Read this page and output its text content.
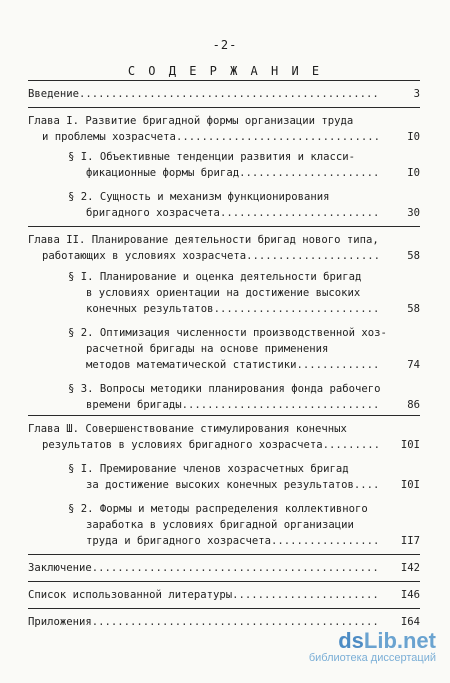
-2-
С О Д Е Р Ж А Н И Е
Введение...............................................	3
Глава I. Развитие бригадной формы организации труда
и проблемы хозрасчета................................	I0
§ I. Объективные тенденции развития и класси-
фикационные формы бригад......................	I0
§ 2. Сущность и механизм функционирования
бригадного хозрасчета.........................	30
Глава II. Планирование деятельности бригад нового типа,
работающих в условиях хозрасчета.....................	58
§ I. Планирование и оценка деятельности бригад
в условиях ориентации на достижение высоких
конечных результатов..........................	58
§ 2. Оптимизация численности производственной хоз-
расчетной бригады на основе применения
методов математической статистики.............	74
§ 3. Вопросы методики планирования фонда рабочего
времени бригады...............................	86
Глава Ш. Совершенствование стимулирования конечных
результатов в условиях бригадного хозрасчета.........	I0I
§ I. Премирование членов хозрасчетных бригад
за достижение высоких конечных результатов....	I0I
§ 2. Формы и методы распределения коллективного
заработка в условиях бригадной организации
труда и бригадного хозрасчета.................	II7
Заключение.............................................	I42
Список использованной литературы.......................	I46
Приложения.............................................	I64
dsLib.net
библиотека диссертаций
